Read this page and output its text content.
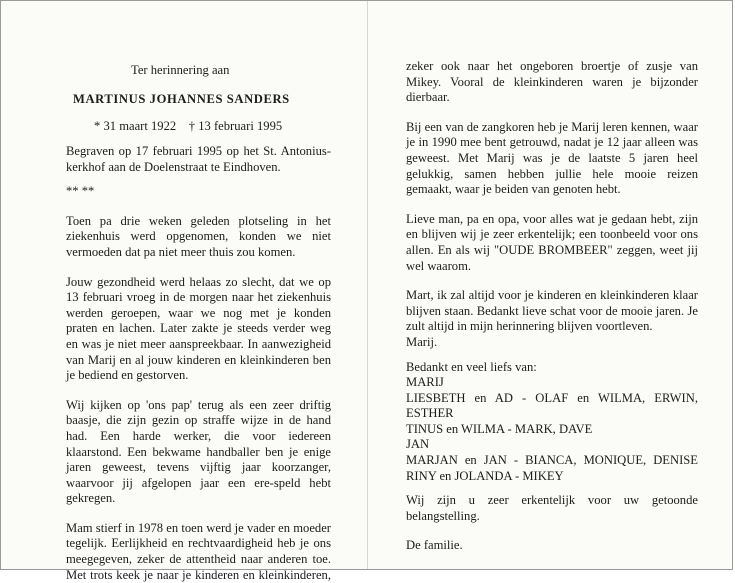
Ter herinnering aan
MARTINUS JOHANNES SANDERS
* 31 maart 1922    † 13 februari 1995

Begraven op 17 februari 1995 op het St. Antonius-kerkhof aan de Doelenstraat te Eindhoven.

** **

Toen pa drie weken geleden plotseling in het ziekenhuis werd opgenomen, konden we niet vermoeden dat pa niet meer thuis zou komen.

Jouw gezondheid werd helaas zo slecht, dat we op 13 februari vroeg in de morgen naar het ziekenhuis werden geroepen, waar we nog met je konden praten en lachen. Later zakte je steeds verder weg en was je niet meer aanspreekbaar. In aanwezigheid van Marij en al jouw kinderen en kleinkinderen ben je bediend en gestorven.

Wij kijken op 'ons pap' terug als een zeer driftig baasje, die zijn gezin op straffe wijze in de hand had. Een harde werker, die voor iedereen klaarstond. Een bekwame handballer ben je enige jaren geweest, tevens vijftig jaar koorzanger, waarvoor jij afgelopen jaar een ere-speld hebt gekregen.

Mam stierf in 1978 en toen werd je vader en moeder tegelijk. Eerlijkheid en rechtvaardigheid heb je ons meegegeven, zeker de attentheid naar anderen toe. Met trots keek je naar je kinderen en kleinkinderen,

zeker ook naar het ongeboren broertje of zusje van Mikey. Vooral de kleinkinderen waren je bijzonder dierbaar.

Bij een van de zangkoren heb je Marij leren kennen, waar je in 1990 mee bent getrouwd, nadat je 12 jaar alleen was geweest. Met Marij was je de laatste 5 jaren heel gelukkig, samen hebben jullie hele mooie reizen gemaakt, waar je beiden van genoten hebt.

Lieve man, pa en opa, voor alles wat je gedaan hebt, zijn en blijven wij je zeer erkentelijk; een toonbeeld voor ons allen. En als wij "OUDE BROMBEER" zeggen, weet jij wel waarom.

Mart, ik zal altijd voor je kinderen en kleinkinderen klaar blijven staan. Bedankt lieve schat voor de mooie jaren. Je zult altijd in mijn herinnering blijven voortleven.

Marij.

Bedankt en veel liefs van:

MARIJ

LIESBETH en AD - OLAF en WILMA, ERWIN,

ESTHER

TINUS en WILMA - MARK, DAVE

JAN

MARJAN en JAN - BIANCA, MONIQUE, DENISE

RINY en JOLANDA - MIKEY

Wij zijn u zeer erkentelijk voor uw getoonde belangstelling.

De familie.
